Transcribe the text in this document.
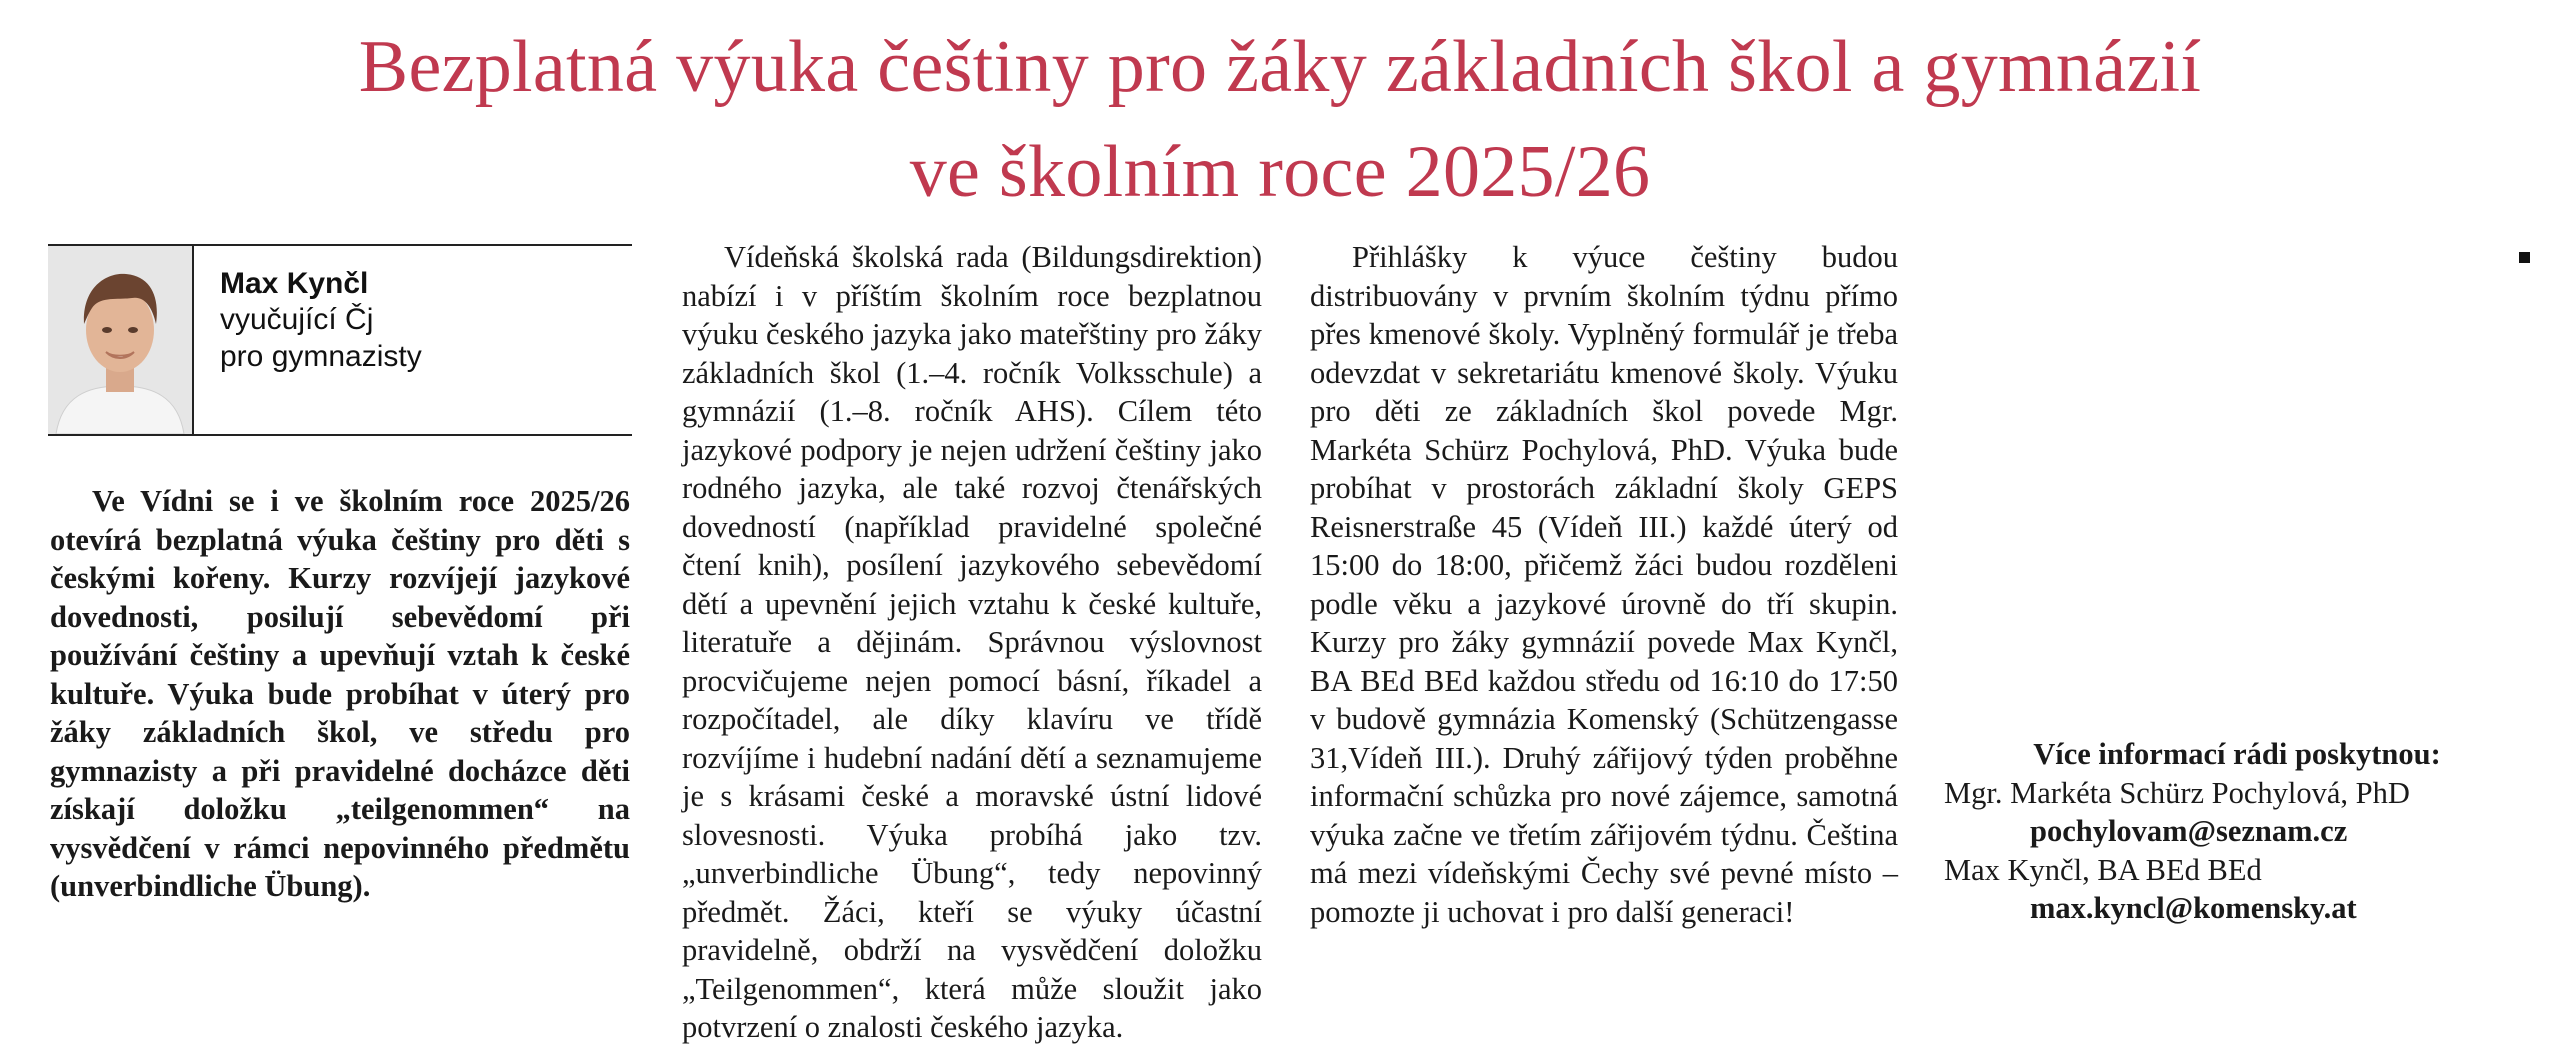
Bezplatná výuka češtiny pro žáky základních škol a gymnázií
ve školním roce 2025/26
Max Kynčl
vyučující Čj
pro gymnazisty
Ve Vídni se i ve školním roce 2025/26 otevírá bezplatná výuka češtiny pro děti s českými kořeny. Kurzy rozvíjejí jazykové dovednosti, posilují sebevědomí při používání češtiny a upevňují vztah k české kultuře. Výuka bude probíhat v úterý pro žáky základních škol, ve středu pro gymnazisty a při pravidelné docházce děti získají doložku „teilgenommen“ na vysvědčení v rámci nepovinného předmětu (unverbindliche Übung).

Vídeňská školská rada (Bildungsdirektion) nabízí i v příštím školním roce bezplatnou výuku českého jazyka jako mateřštiny pro žáky základních škol (1.–4. ročník Volksschule) a gymnázií (1.–8. ročník AHS). Cílem této jazykové podpory je nejen udržení češtiny jako rodného jazyka, ale také rozvoj čtenářských dovedností (například pravidelné společné čtení knih), posílení jazykového sebevědomí dětí a upevnění jejich vztahu k české kultuře, literatuře a dějinám. Správnou výslovnost procvičujeme nejen pomocí básní, říkadel a rozpočítadel, ale díky klavíru ve třídě rozvíjíme i hudební nadání dětí a seznamujeme je s krásami české a moravské ústní lidové slovesnosti. Výuka probíhá jako tzv. „unverbindliche Übung“, tedy nepovinný předmět. Žáci, kteří se výuky účastní pravidelně, obdrží na vysvědčení doložku „Teilgenommen“, která může sloužit jako potvrzení o znalosti českého jazyka.

Přihlášky k výuce češtiny budou distribuovány v prvním školním týdnu přímo přes kmenové školy. Vyplněný formulář je třeba odevzdat v sekretariátu kmenové školy. Výuku pro děti ze základních škol povede Mgr. Markéta Schürz Pochylová, PhD. Výuka bude probíhat v prostorách základní školy GEPS Reisnerstraße 45 (Vídeň III.) každé úterý od 15:00 do 18:00, přičemž žáci budou rozděleni podle věku a jazykové úrovně do tří skupin. Kurzy pro žáky gymnázií povede Max Kynčl, BA BEd BEd každou středu od 16:10 do 17:50 v budově gymnázia Komenský (Schützengasse 31,Vídeň III.). Druhý zářijový týden proběhne informační schůzka pro nové zájemce, samotná výuka začne ve třetím zářijovém týdnu. Čeština má mezi vídeňskými Čechy své pevné místo – pomozte ji uchovat i pro další generaci!

Více informací rádi poskytnou:
Mgr. Markéta Schürz Pochylová, PhD
pochylovam@seznam.cz
Max Kynčl, BA BEd BEd
max.kyncl@komensky.at
